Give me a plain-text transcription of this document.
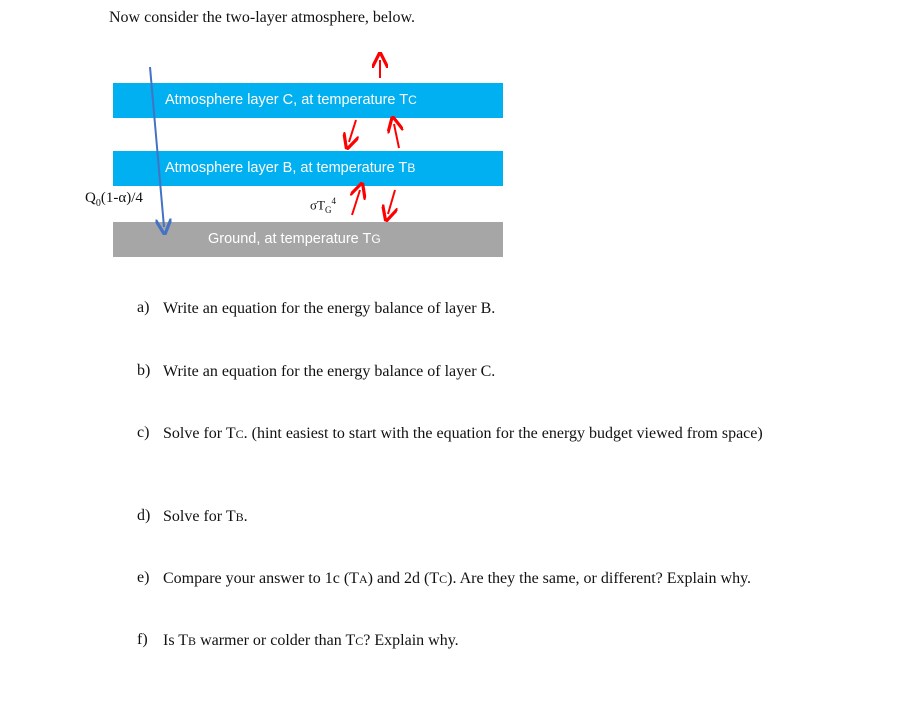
Now consider the two-layer atmosphere, below.
Atmosphere layer C, at temperature TC
Atmosphere layer B, at temperature TB
Ground, at temperature TG
$Q_0(1-\alpha)/4$	$\sigma T_G^4$
a) Write an equation for the energy balance of layer B.
b) Write an equation for the energy balance of layer C.
c) Solve for TC. (hint easiest to start with the equation for the energy budget viewed from space)
d) Solve for TB.
e) Compare your answer to 1c (TA) and 2d (TC). Are they the same, or different? Explain why.
f) Is TB warmer or colder than TC? Explain why.
